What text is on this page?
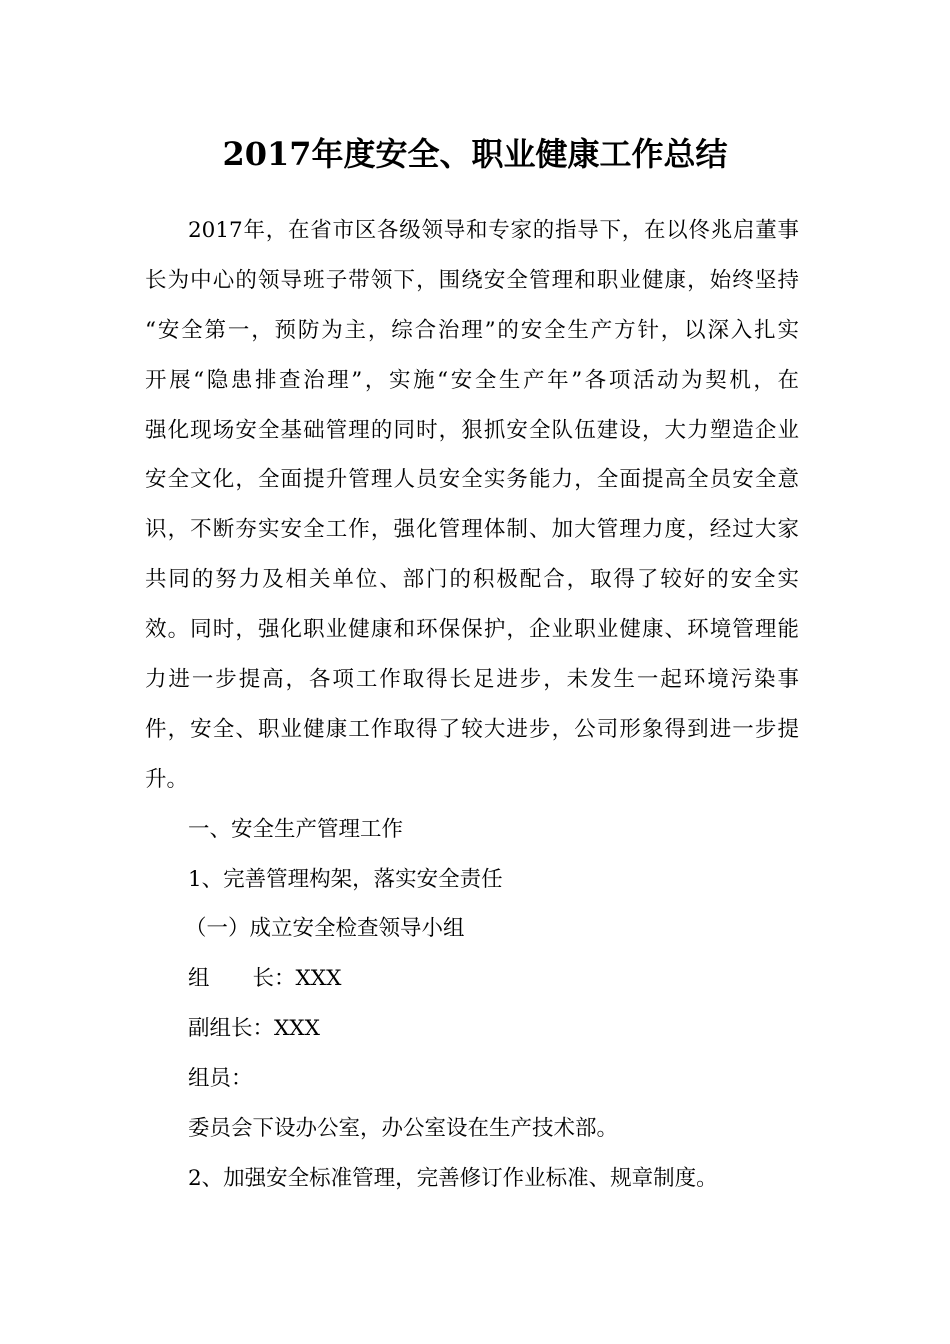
2017年度安全、职业健康工作总结
2017年，在省市区各级领导和专家的指导下，在以佟兆启董事
长为中心的领导班子带领下，围绕安全管理和职业健康，始终坚持
“安全第一，预防为主，综合治理”的安全生产方针，以深入扎实
开展“隐患排查治理”，实施“安全生产年”各项活动为契机，在
强化现场安全基础管理的同时，狠抓安全队伍建设，大力塑造企业
安全文化，全面提升管理人员安全实务能力，全面提高全员安全意
识，不断夯实安全工作，强化管理体制、加大管理力度，经过大家
共同的努力及相关单位、部门的积极配合，取得了较好的安全实
效。同时，强化职业健康和环保保护，企业职业健康、环境管理能
力进一步提高，各项工作取得长足进步，未发生一起环境污染事
件，安全、职业健康工作取得了较大进步，公司形象得到进一步提
升。
一、安全生产管理工作
1、完善管理构架，落实安全责任
（一）成立安全检查领导小组
组　　长：XXX
副组长：XXX
组员：
委员会下设办公室，办公室设在生产技术部。
2、加强安全标准管理，完善修订作业标准、规章制度。
